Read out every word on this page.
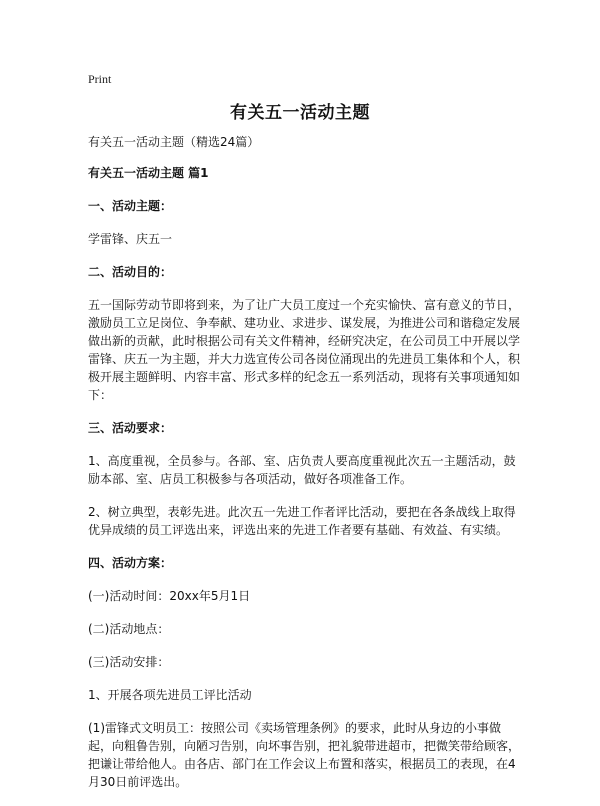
Print
有关五一活动主题

有关五一活动主题（精选24篇）

有关五一活动主题 篇1

一、活动主题：

学雷锋、庆五一

二、活动目的：

五一国际劳动节即将到来，为了让广大员工度过一个充实愉快、富有意义的节日，激励员工立足岗位、争奉献、建功业、求进步、谋发展，为推进公司和谐稳定发展做出新的贡献，此时根据公司有关文件精神，经研究决定，在公司员工中开展以学雷锋、庆五一为主题，并大力选宣传公司各岗位涌现出的先进员工集体和个人，积极开展主题鲜明、内容丰富、形式多样的纪念五一系列活动，现将有关事项通知如下：

三、活动要求：

1、高度重视，全员参与。各部、室、店负责人要高度重视此次五一主题活动，鼓励本部、室、店员工积极参与各项活动，做好各项准备工作。

2、树立典型，表彰先进。此次五一先进工作者评比活动，要把在各条战线上取得优异成绩的员工评选出来，评选出来的先进工作者要有基础、有效益、有实绩。

四、活动方案：

(一)活动时间：20xx年5月1日

(二)活动地点：

(三)活动安排：

1、开展各项先进员工评比活动

(1)雷锋式文明员工：按照公司《卖场管理条例》的要求，此时从身边的小事做起，向粗鲁告别，向陋习告别，向坏事告别，把礼貌带进超市，把微笑带给顾客，把谦让带给他人。由各店、部门在工作会议上布置和落实，根据员工的表现，在4月30日前评选出。
